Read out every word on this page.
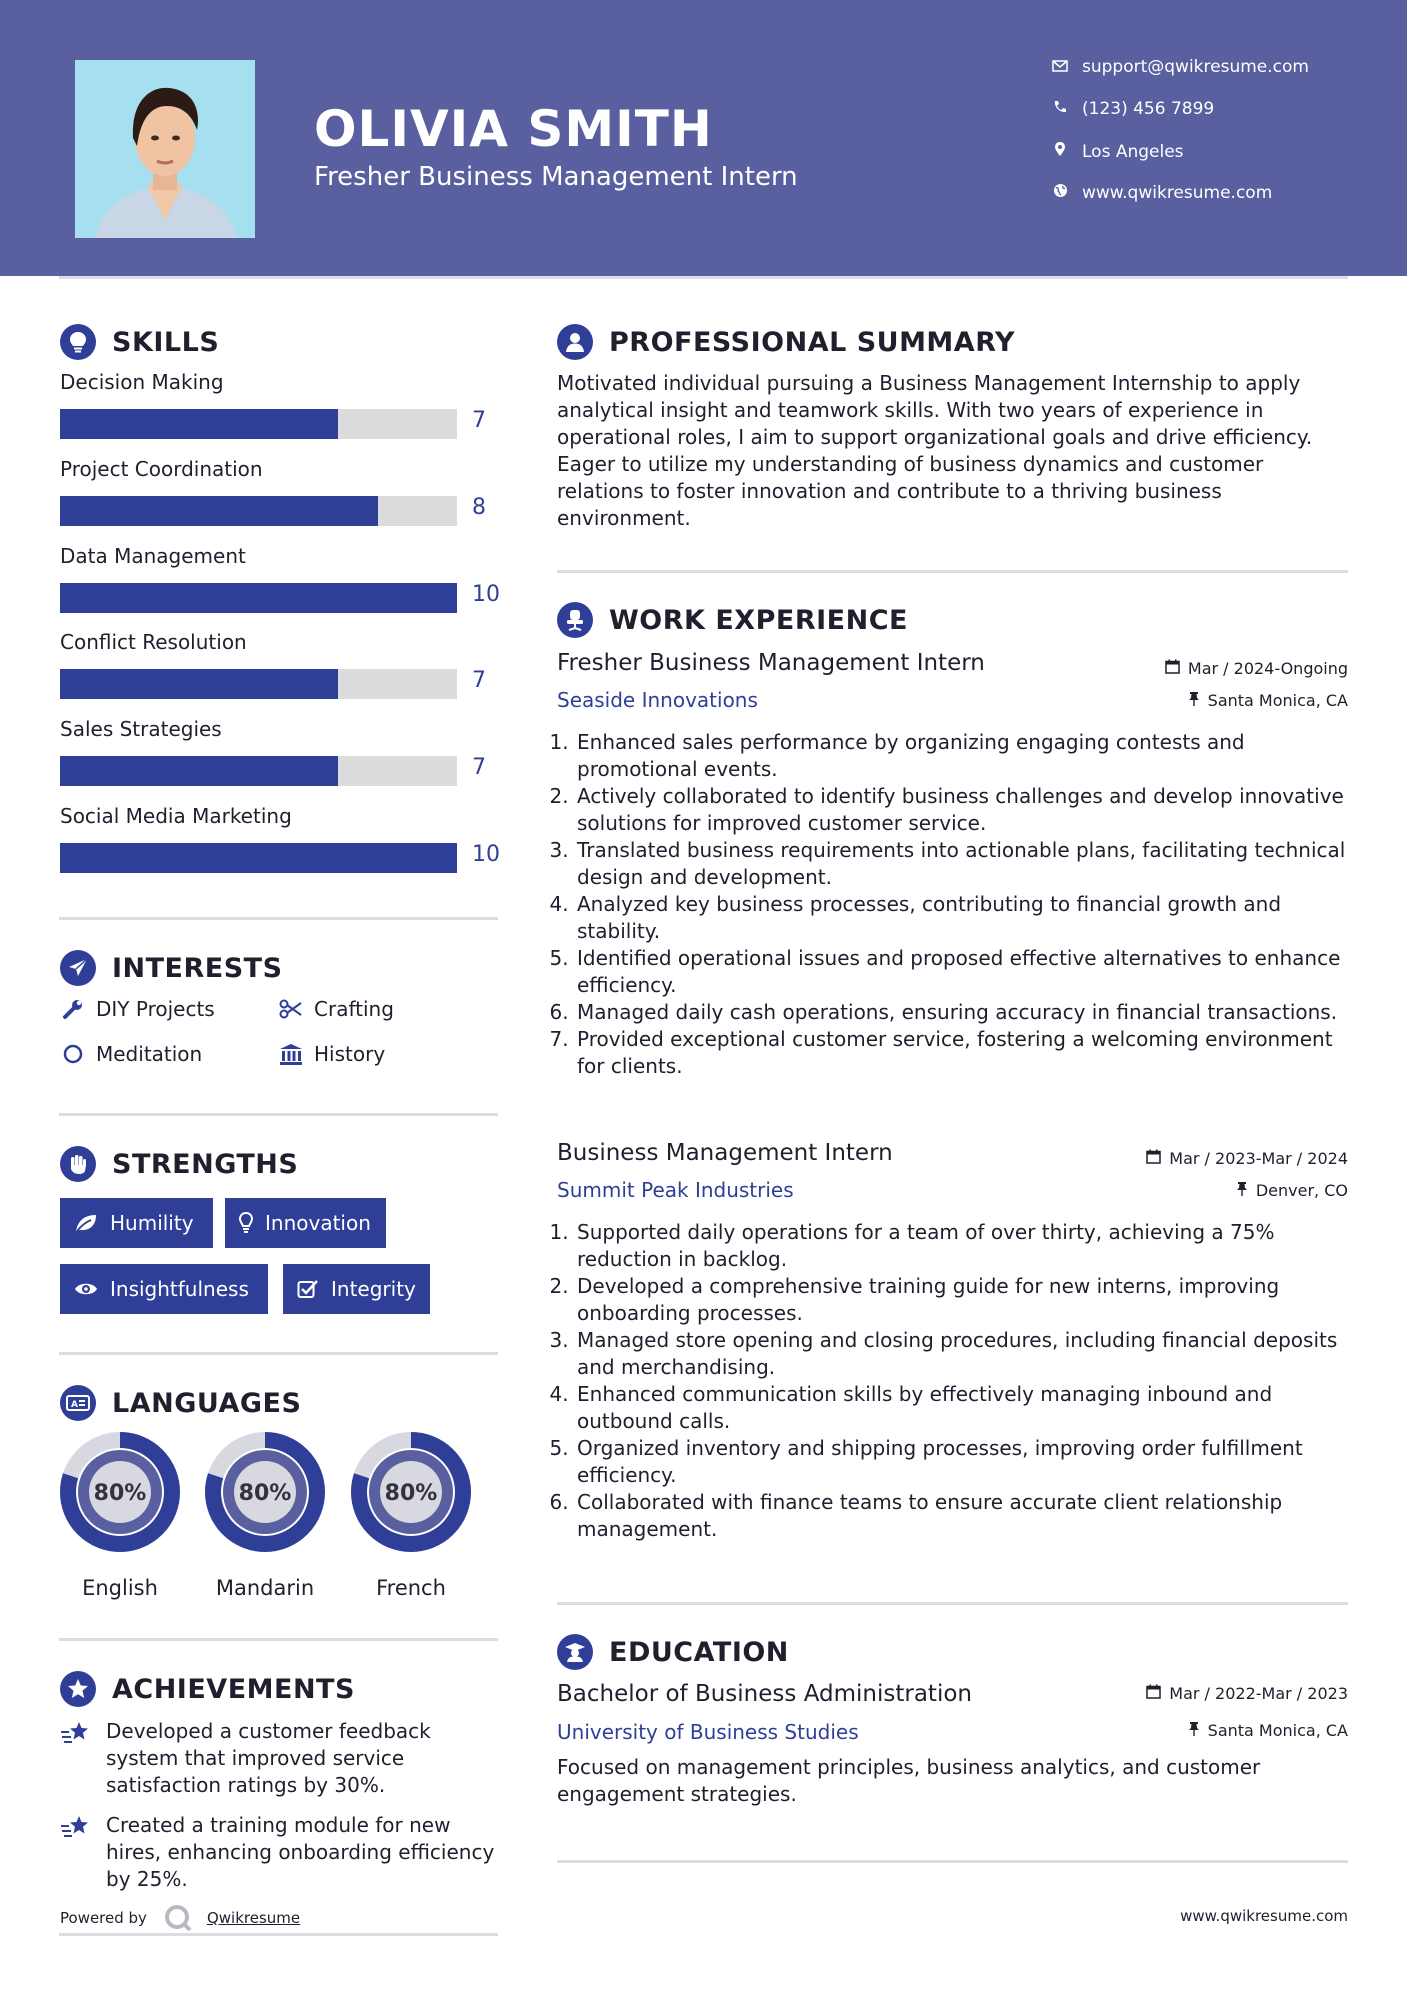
OLIVIA SMITH
Fresher Business Management Intern
support@qwikresume.com
(123) 456 7899
Los Angeles
www.qwikresume.com
SKILLS
Decision Making
7
Project Coordination
8
Data Management
10
Conflict Resolution
7
Sales Strategies
7
Social Media Marketing
10
INTERESTS
DIY Projects	Crafting
Meditation	History
STRENGTHS
Humility	Innovation
Insightfulness	Integrity
A LANGUAGES
80%
English
80%
Mandarin
80%
French
ACHIEVEMENTS
Developed a customer feedback system that improved service satisfaction ratings by 30%.
Created a training module for new hires, enhancing onboarding efficiency by 25%.
PROFESSIONAL SUMMARY
Motivated individual pursuing a Business Management Internship to apply analytical insight and teamwork skills. With two years of experience in operational roles, I aim to support organizational goals and drive efficiency. Eager to utilize my understanding of business dynamics and customer relations to foster innovation and contribute to a thriving business environment.
WORK EXPERIENCE
Fresher Business Management Intern	Mar / 2024-Ongoing
Seaside Innovations	Santa Monica, CA
1. Enhanced sales performance by organizing engaging contests and promotional events.
2. Actively collaborated to identify business challenges and develop innovative solutions for improved customer service.
3. Translated business requirements into actionable plans, facilitating technical design and development.
4. Analyzed key business processes, contributing to financial growth and stability.
5. Identified operational issues and proposed effective alternatives to enhance efficiency.
6. Managed daily cash operations, ensuring accuracy in financial transactions.
7. Provided exceptional customer service, fostering a welcoming environment for clients.
Business Management Intern	Mar / 2023-Mar / 2024
Summit Peak Industries	Denver, CO
1. Supported daily operations for a team of over thirty, achieving a 75% reduction in backlog.
2. Developed a comprehensive training guide for new interns, improving onboarding processes.
3. Managed store opening and closing procedures, including financial deposits and merchandising.
4. Enhanced communication skills by effectively managing inbound and outbound calls.
5. Organized inventory and shipping processes, improving order fulfillment efficiency.
6. Collaborated with finance teams to ensure accurate client relationship management.
EDUCATION
Bachelor of Business Administration	Mar / 2022-Mar / 2023
University of Business Studies	Santa Monica, CA
Focused on management principles, business analytics, and customer engagement strategies.
Powered by	Qwikresume	www.qwikresume.com
